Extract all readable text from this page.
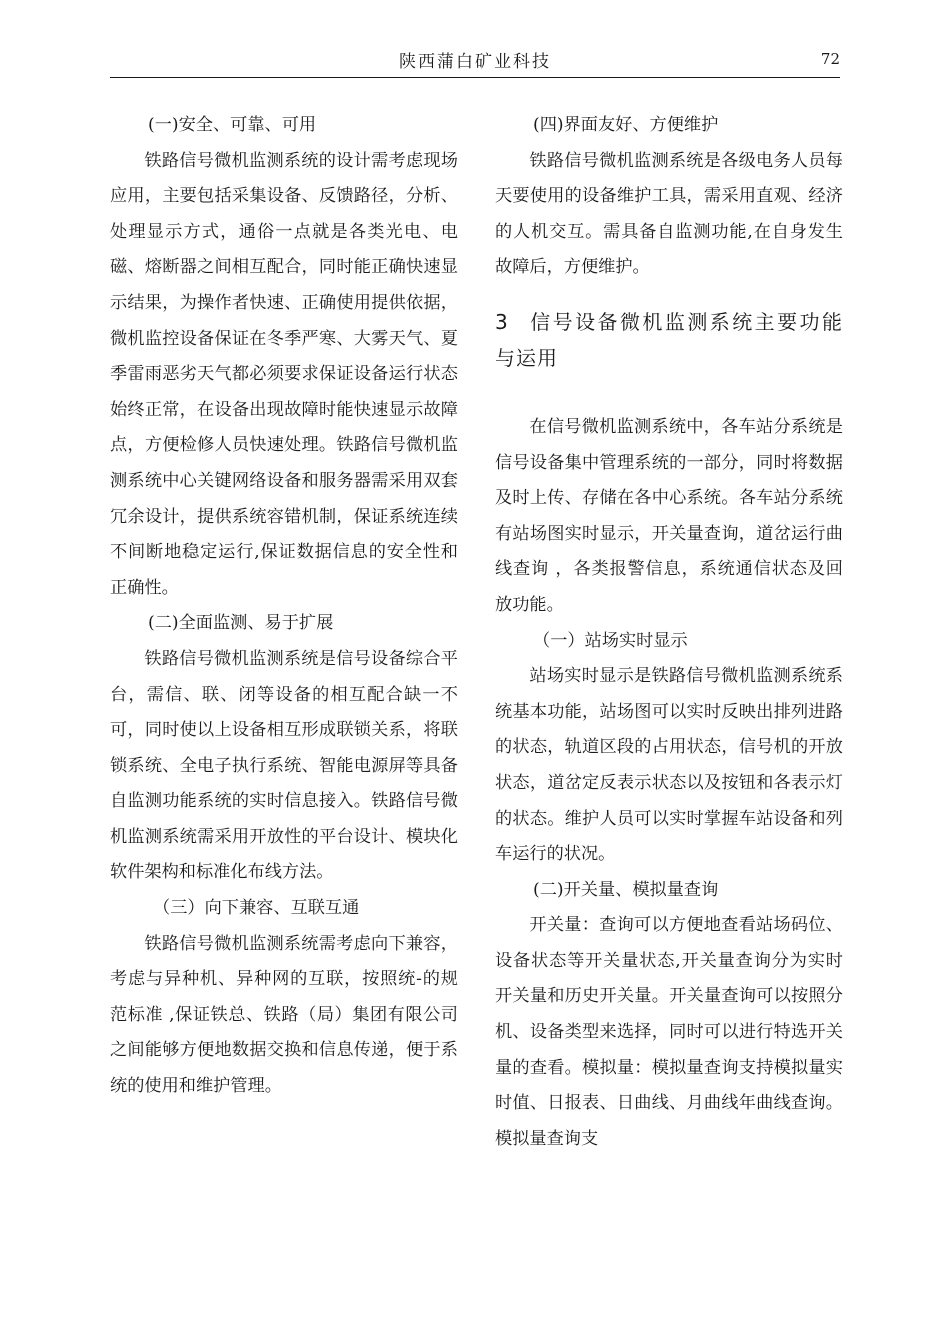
陕西蒲白矿业科技	72
(一)安全、可靠、可用

铁路信号微机监测系统的设计需考虑现场应用，主要包括采集设备、反馈路径，分析、处理显示方式，通俗一点就是各类光电、电磁、熔断器之间相互配合，同时能正确快速显示结果，为操作者快速、正确使用提供依据，微机监控设备保证在冬季严寒、大雾天气、夏季雷雨恶劣天气都必须要求保证设备运行状态始终正常，在设备出现故障时能快速显示故障点，方便检修人员快速处理。铁路信号微机监测系统中心关键网络设备和服务器需采用双套冗余设计，提供系统容错机制，保证系统连续不间断地稳定运行,保证数据信息的安全性和正确性。

(二)全面监测、易于扩展

铁路信号微机监测系统是信号设备综合平台，需信、联、闭等设备的相互配合缺一不可，同时使以上设备相互形成联锁关系，将联锁系统、全电子执行系统、智能电源屏等具备自监测功能系统的实时信息接入。铁路信号微机监测系统需采用开放性的平台设计、模块化软件架构和标准化布线方法。

（三）向下兼容、互联互通

铁路信号微机监测系统需考虑向下兼容，考虑与异种机、异种网的互联，按照统-的规范标准 ,保证铁总、铁路（局）集团有限公司之间能够方便地数据交换和信息传递，便于系统的使用和维护管理。

(四)界面友好、方便维护

铁路信号微机监测系统是各级电务人员每天要使用的设备维护工具，需采用直观、经济的人机交互。需具备自监测功能,在自身发生故障后，方便维护。

3 信号设备微机监测系统主要功能与运用

在信号微机监测系统中，各车站分系统是信号设备集中管理系统的一部分，同时将数据及时上传、存储在各中心系统。各车站分系统有站场图实时显示，开关量查询，道岔运行曲线查询 ，各类报警信息，系统通信状态及回放功能。

（一）站场实时显示

站场实时显示是铁路信号微机监测系统系统基本功能，站场图可以实时反映出排列进路的状态，轨道区段的占用状态，信号机的开放状态，道岔定反表示状态以及按钮和各表示灯的状态。维护人员可以实时掌握车站设备和列车运行的状况。

(二)开关量、模拟量查询

开关量：查询可以方便地查看站场码位、设备状态等开关量状态,开关量查询分为实时开关量和历史开关量。开关量查询可以按照分机、设备类型来选择，同时可以进行特选开关量的查看。模拟量：模拟量查询支持模拟量实时值、日报表、日曲线、月曲线年曲线查询。模拟量查询支
